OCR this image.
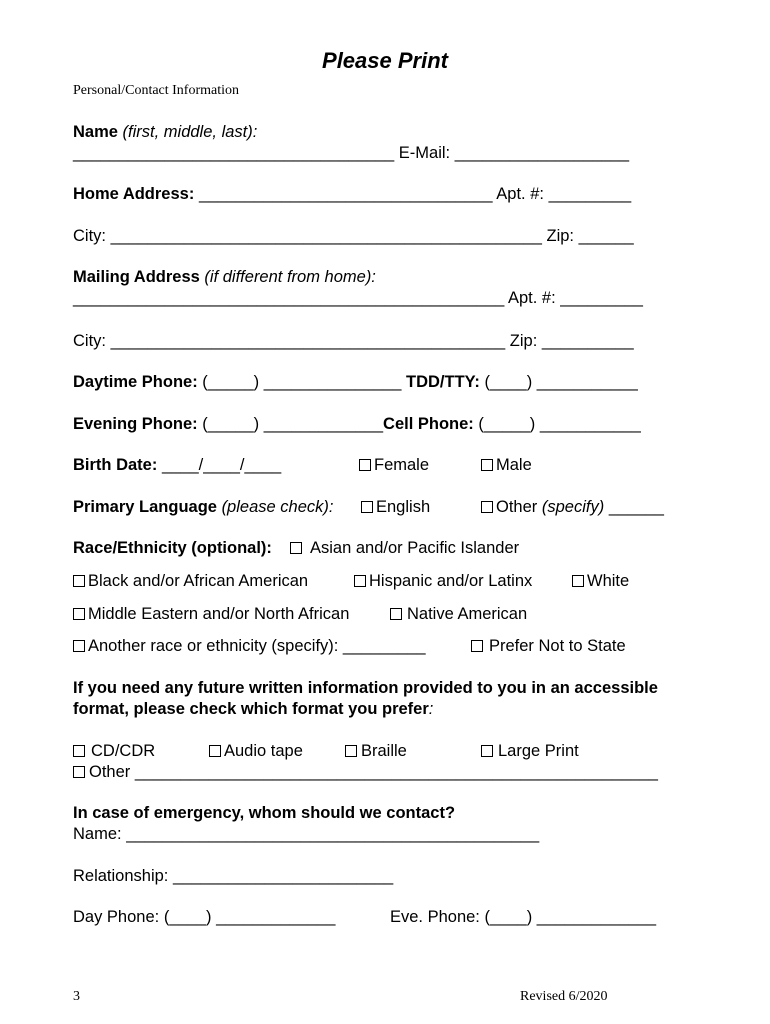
Please Print
Personal/Contact Information
Name (first, middle, last):
___________________________________ E-Mail: ___________________
Home Address: ________________________________ Apt. #: _________
City: _______________________________________________ Zip: ______
Mailing Address (if different from home):
_______________________________________________ Apt. #: _________
City: ___________________________________________ Zip: __________
Daytime Phone: (_____) _______________ TDD/TTY: (____) ___________
Evening Phone: (_____) _____________Cell Phone: (_____) ___________
Birth Date: ____/____/____	Female	Male
Primary Language (please check):	English	Other (specify) ______
Race/Ethnicity (optional):	Asian and/or Pacific Islander
Black and/or African American	Hispanic and/or Latinx	White
Middle Eastern and/or North African	Native American
Another race or ethnicity (specify): _________	Prefer Not to State
If you need any future written information provided to you in an accessible
format, please check which format you prefer:
CD/CDR	Audio tape	Braille	Large Print
Other _________________________________________________________
In case of emergency, whom should we contact?
Name: _____________________________________________
Relationship: ________________________
Day Phone: (____) _____________	Eve. Phone: (____) _____________
3	Revised 6/2020
